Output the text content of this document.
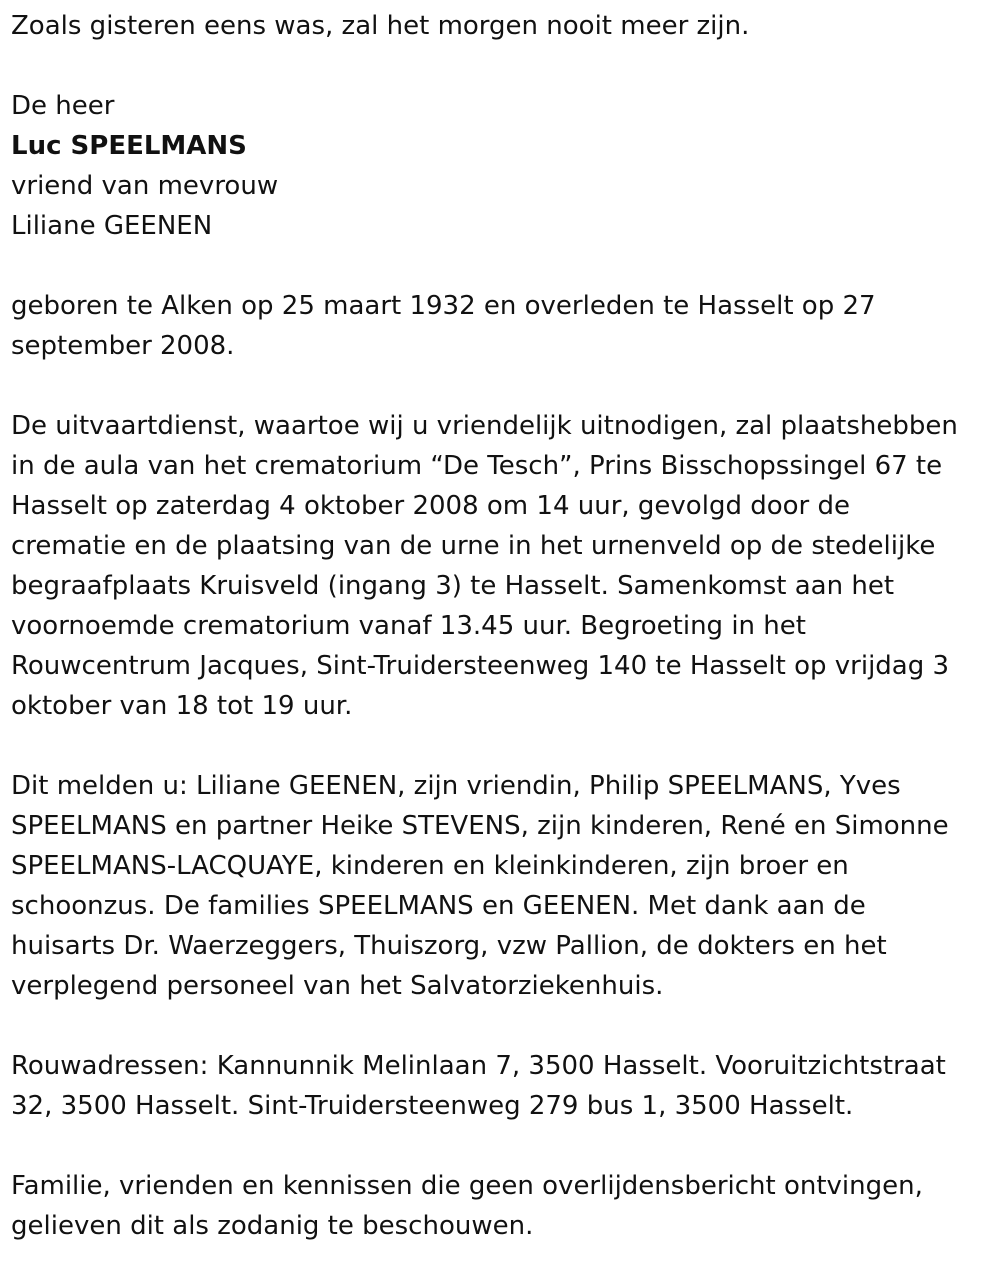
Zoals gisteren eens was, zal het morgen nooit meer zijn.

De heer

Luc SPEELMANS

vriend van mevrouw

Liliane GEENEN

geboren te Alken op 25 maart 1932 en overleden te Hasselt op 27

september 2008.

De uitvaartdienst, waartoe wij u vriendelijk uitnodigen, zal plaatshebben

in de aula van het crematorium “De Tesch”, Prins Bisschopssingel 67 te

Hasselt op zaterdag 4 oktober 2008 om 14 uur, gevolgd door de

crematie en de plaatsing van de urne in het urnenveld op de stedelijke

begraafplaats Kruisveld (ingang 3) te Hasselt. Samenkomst aan het

voornoemde crematorium vanaf 13.45 uur. Begroeting in het

Rouwcentrum Jacques, Sint-Truidersteenweg 140 te Hasselt op vrijdag 3

oktober van 18 tot 19 uur.

Dit melden u: Liliane GEENEN, zijn vriendin, Philip SPEELMANS, Yves

SPEELMANS en partner Heike STEVENS, zijn kinderen, René en Simonne

SPEELMANS-LACQUAYE, kinderen en kleinkinderen, zijn broer en

schoonzus. De families SPEELMANS en GEENEN. Met dank aan de

huisarts Dr. Waerzeggers, Thuiszorg, vzw Pallion, de dokters en het

verplegend personeel van het Salvatorziekenhuis.

Rouwadressen: Kannunnik Melinlaan 7, 3500 Hasselt. Vooruitzichtstraat

32, 3500 Hasselt. Sint-Truidersteenweg 279 bus 1, 3500 Hasselt.

Familie, vrienden en kennissen die geen overlijdensbericht ontvingen,

gelieven dit als zodanig te beschouwen.
